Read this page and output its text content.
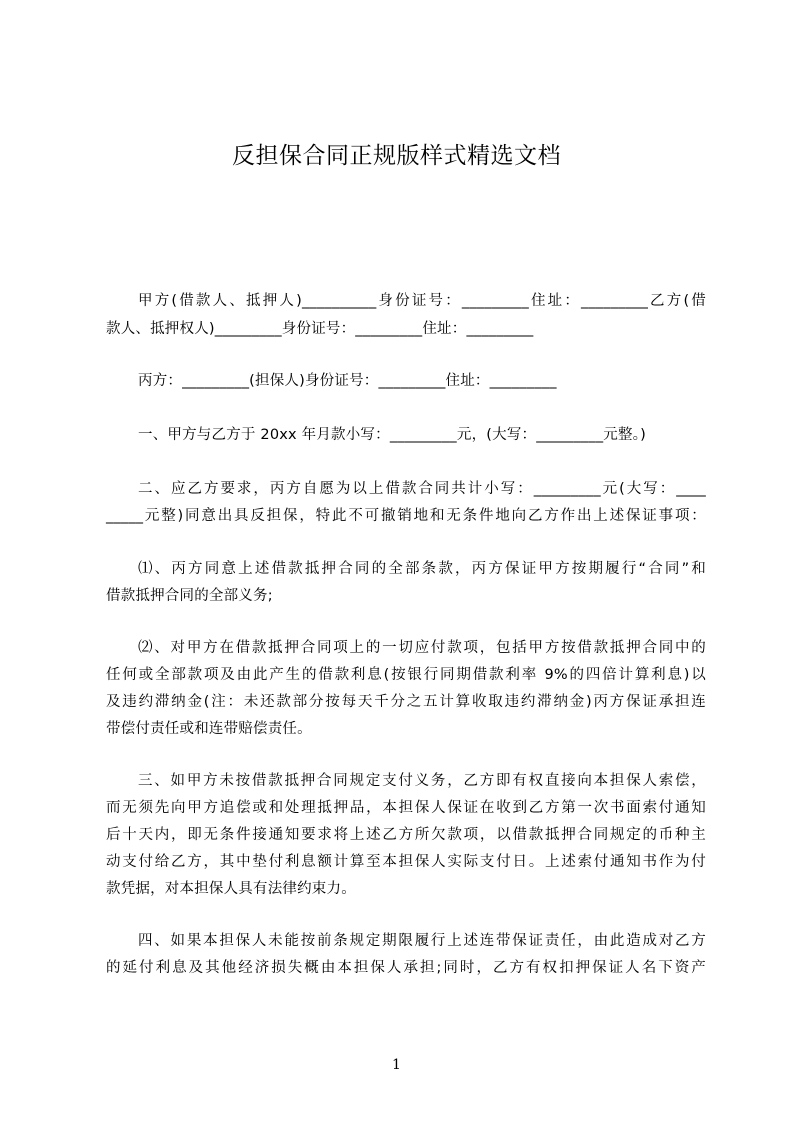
反担保合同正规版样式精选文档
甲方(借款人、抵押人)__________身份证号：_________住址：_________乙方(借
款人、抵押权人)_________身份证号：_________住址：_________
丙方：_________(担保人)身份证号：_________住址：_________
一、甲方与乙方于 20xx 年月款小写：_________元，(大写：_________元整。)
二、应乙方要求，丙方自愿为以上借款合同共计小写：_________元(大写：____
_____元整)同意出具反担保，特此不可撤销地和无条件地向乙方作出上述保证事项：
⑴、丙方同意上述借款抵押合同的全部条款，丙方保证甲方按期履行“合同”和
借款抵押合同的全部义务;
⑵、对甲方在借款抵押合同项上的一切应付款项，包括甲方按借款抵押合同中的
任何或全部款项及由此产生的借款利息(按银行同期借款利率 9%的四倍计算利息)以
及违约滞纳金(注：未还款部分按每天千分之五计算收取违约滞纳金)丙方保证承担连
带偿付责任或和连带赔偿责任。
三、如甲方未按借款抵押合同规定支付义务，乙方即有权直接向本担保人索偿，
而无须先向甲方追偿或和处理抵押品，本担保人保证在收到乙方第一次书面索付通知
后十天内，即无条件接通知要求将上述乙方所欠款项，以借款抵押合同规定的币种主
动支付给乙方，其中垫付利息额计算至本担保人实际支付日。上述索付通知书作为付
款凭据，对本担保人具有法律约束力。
四、如果本担保人未能按前条规定期限履行上述连带保证责任，由此造成对乙方
的延付利息及其他经济损失概由本担保人承担;同时，乙方有权扣押保证人名下资产
1
